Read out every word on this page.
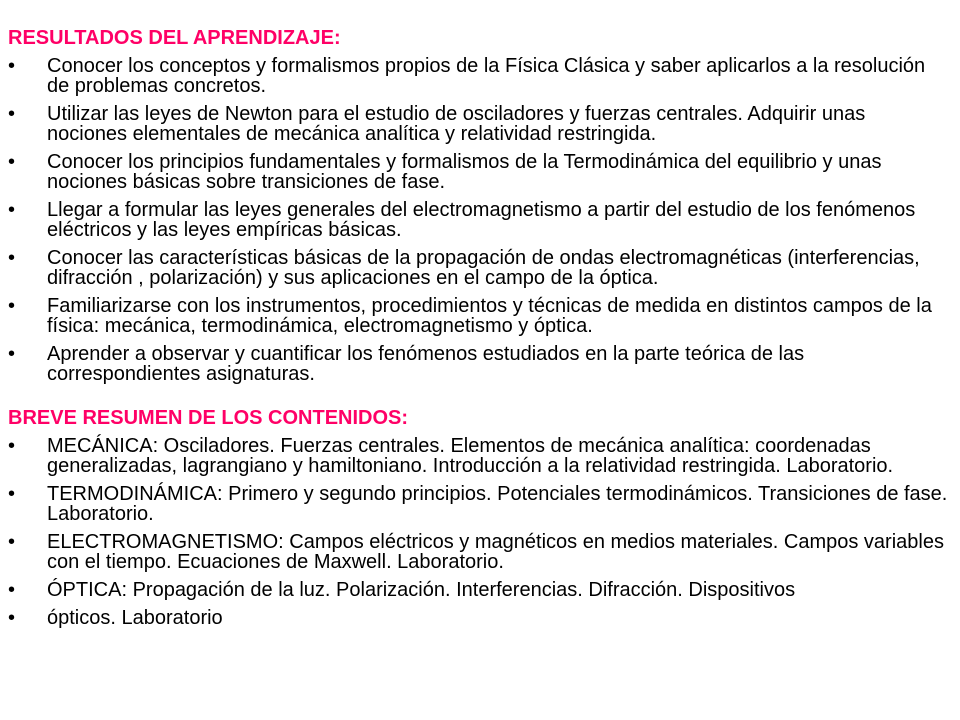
RESULTADOS DEL APRENDIZAJE:
•	Conocer los conceptos y formalismos propios de la Física Clásica y saber aplicarlos a la resolución de problemas concretos.
•	Utilizar las leyes de Newton para el estudio de osciladores y fuerzas centrales. Adquirir unas nociones elementales de mecánica analítica y relatividad restringida.
•	Conocer los principios fundamentales y formalismos de la Termodinámica del equilibrio y unas nociones básicas sobre transiciones de fase.
•	Llegar a formular las leyes generales del electromagnetismo a partir del estudio de los fenómenos eléctricos y las leyes empíricas básicas.
•	Conocer las características básicas de la propagación de ondas electromagnéticas (interferencias, difracción , polarización) y sus aplicaciones en el campo de la óptica.
•	Familiarizarse con los instrumentos, procedimientos y técnicas de medida en distintos campos de la física: mecánica, termodinámica, electromagnetismo y óptica.
•	Aprender a observar y cuantificar los fenómenos estudiados en la parte teórica de las correspondientes asignaturas.
BREVE RESUMEN DE LOS CONTENIDOS:
•	MECÁNICA: Osciladores. Fuerzas centrales. Elementos de mecánica analítica: coordenadas generalizadas, lagrangiano y hamiltoniano. Introducción a la relatividad restringida. Laboratorio.
•	TERMODINÁMICA: Primero y segundo principios. Potenciales termodinámicos. Transiciones de fase. Laboratorio.
•	ELECTROMAGNETISMO: Campos eléctricos y magnéticos en medios materiales. Campos variables con el tiempo. Ecuaciones de Maxwell. Laboratorio.
•	ÓPTICA: Propagación de la luz. Polarización. Interferencias. Difracción. Dispositivos
•	ópticos. Laboratorio
